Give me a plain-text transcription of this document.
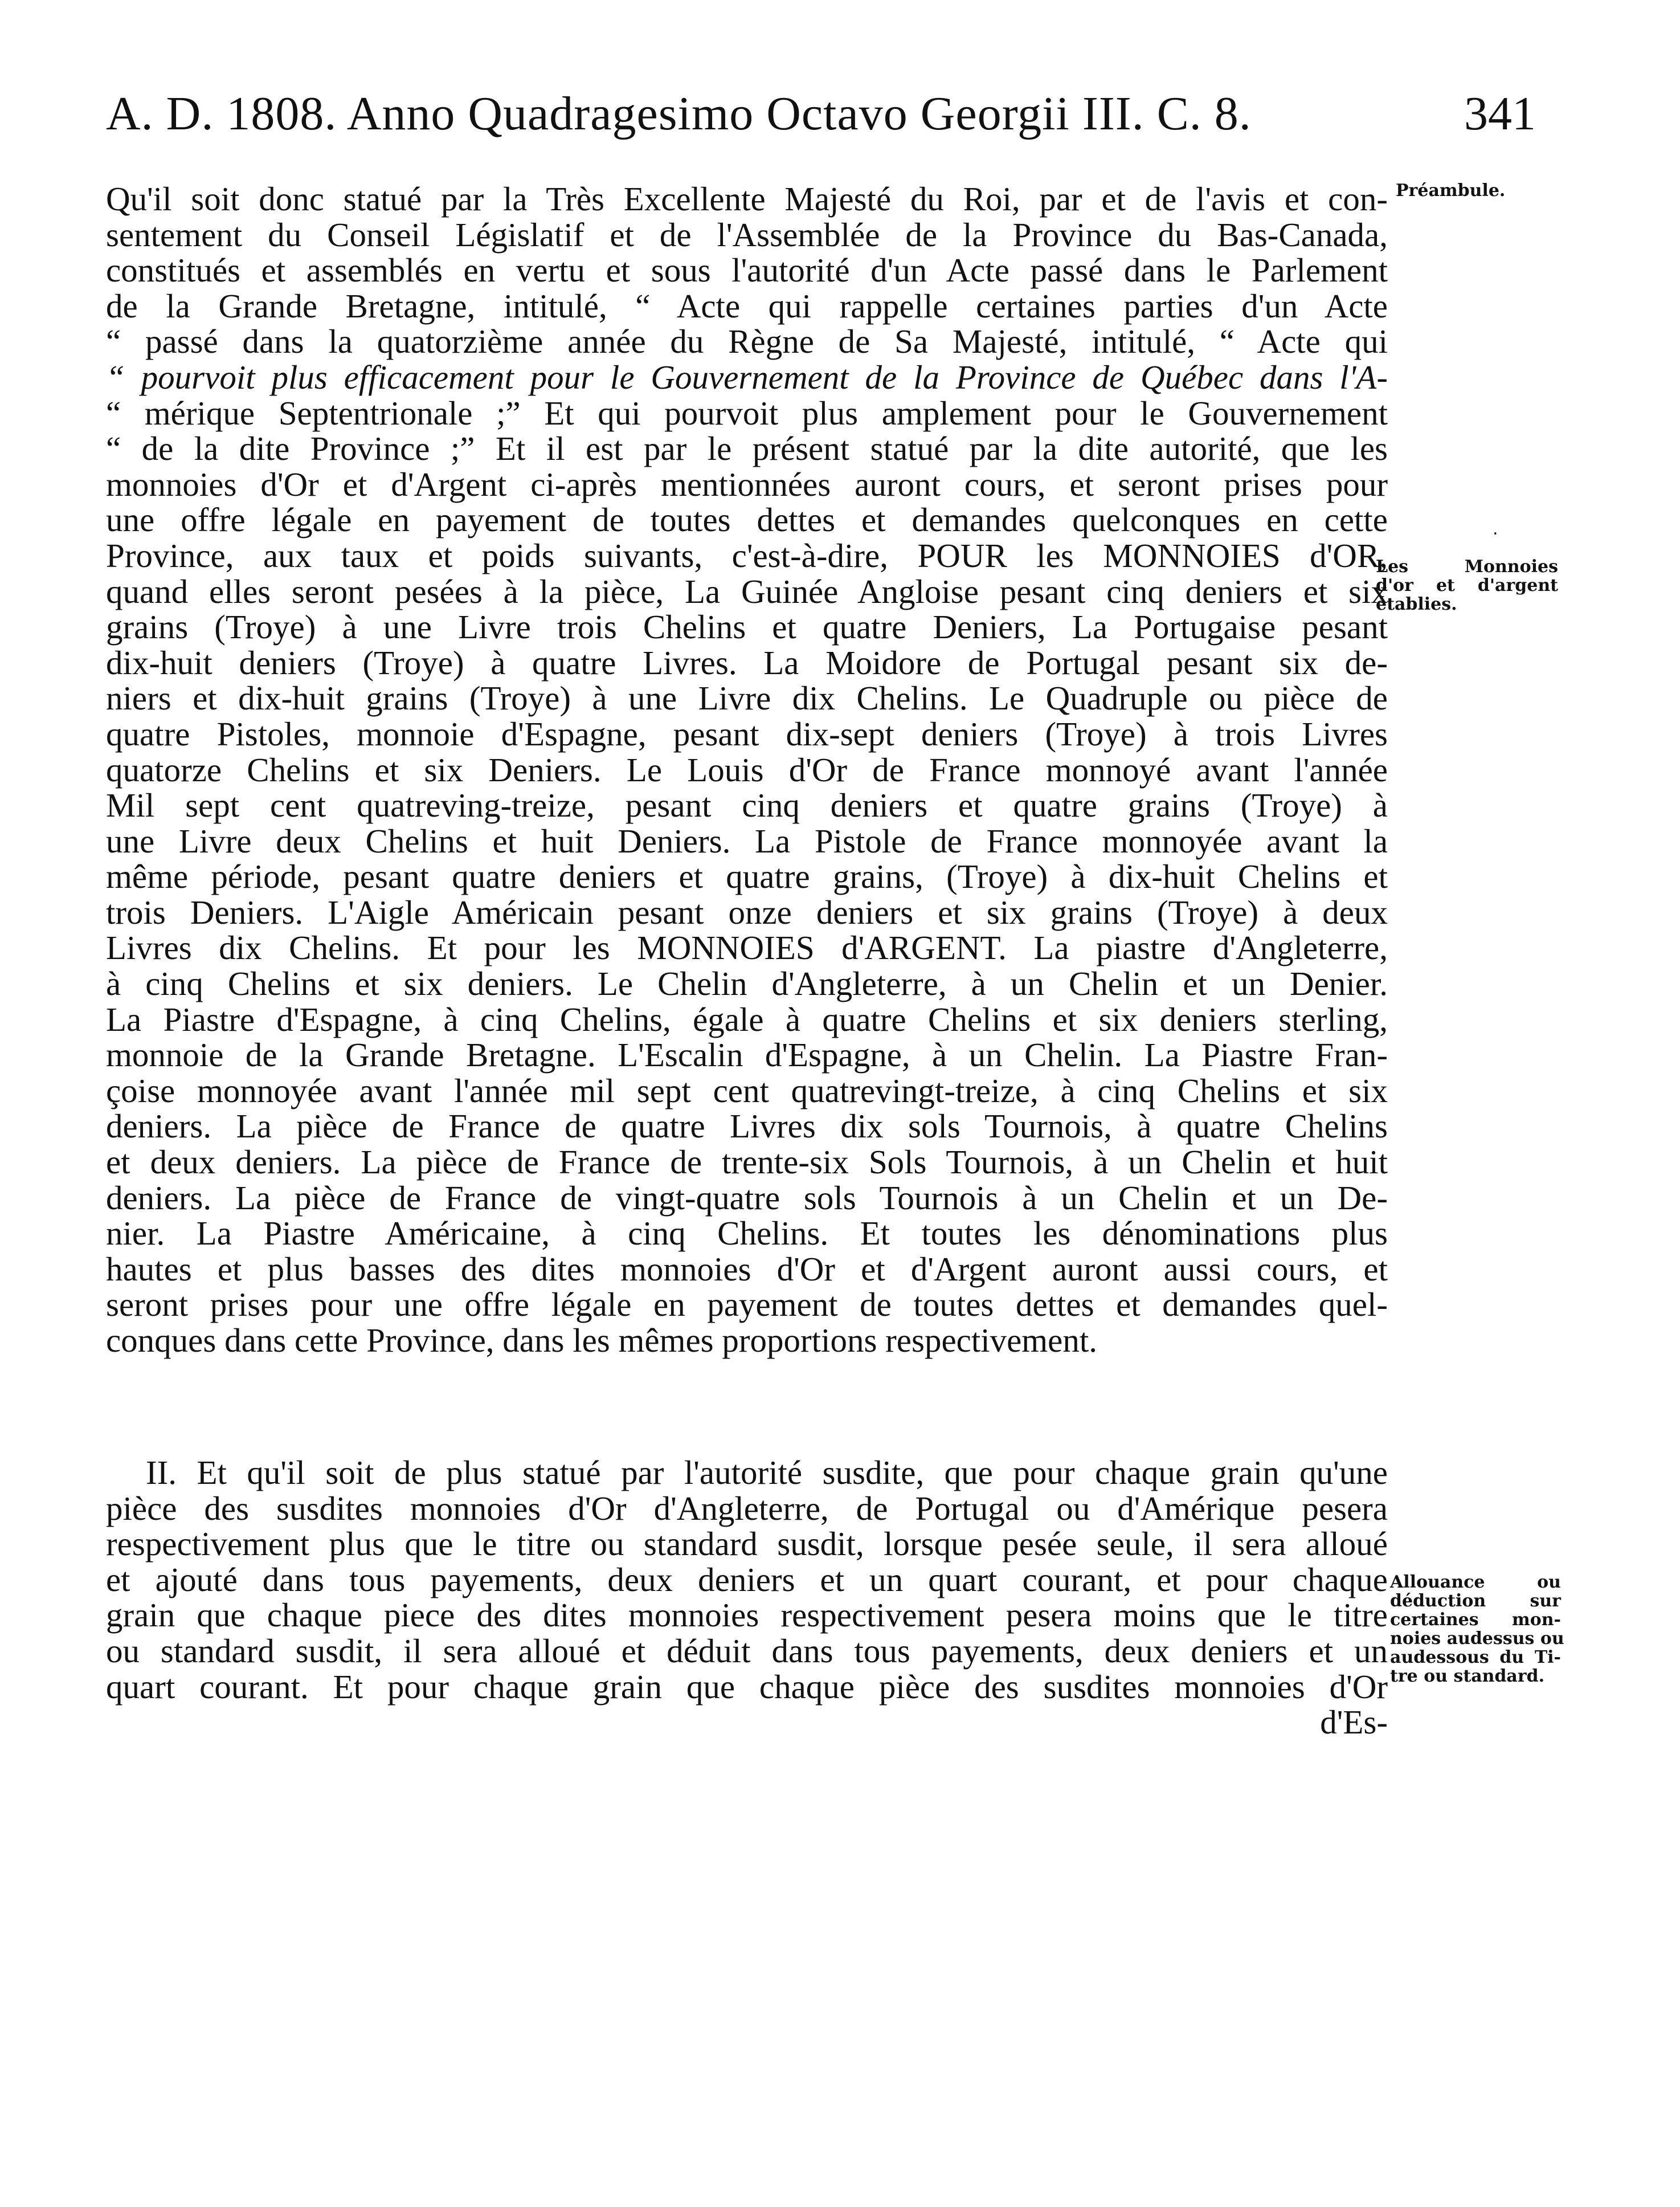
A. D. 1808. Anno Quadragesimo Octavo Georgii III. C. 8.	341
Préambule.
‧
Les Monnoies
d'or et d'argent
établies.
Allouance ou
déduction sur
certaines mon-
noies audessus ou
audessous du Ti-
tre ou standard.
Qu'il soit donc statué par la Très Excellente Majesté du Roi, par et de l'avis et con-
sentement du Conseil Législatif et de l'Assemblée de la Province du Bas-Canada,
constitués et assemblés en vertu et sous l'autorité d'un Acte passé dans le Parlement
de la Grande Bretagne, intitulé, “ Acte qui rappelle certaines parties d'un Acte
“ passé dans la quatorzième année du Règne de Sa Majesté, intitulé, “ Acte qui
“ pourvoit plus efficacement pour le Gouvernement de la Province de Québec dans l'A-
“ mérique Septentrionale ;” Et qui pourvoit plus amplement pour le Gouvernement
“ de la dite Province ;” Et il est par le présent statué par la dite autorité, que les
monnoies d'Or et d'Argent ci-après mentionnées auront cours, et seront prises pour
une offre légale en payement de toutes dettes et demandes quelconques en cette
Province, aux taux et poids suivants, c'est-à-dire, POUR les MONNOIES d'OR,
quand elles seront pesées à la pièce, La Guinée Angloise pesant cinq deniers et six
grains (Troye) à une Livre trois Chelins et quatre Deniers, La Portugaise pesant
dix-huit deniers (Troye) à quatre Livres. La Moidore de Portugal pesant six de-
niers et dix-huit grains (Troye) à une Livre dix Chelins. Le Quadruple ou pièce de
quatre Pistoles, monnoie d'Espagne, pesant dix-sept deniers (Troye) à trois Livres
quatorze Chelins et six Deniers. Le Louis d'Or de France monnoyé avant l'année
Mil sept cent quatreving-treize, pesant cinq deniers et quatre grains (Troye) à
une Livre deux Chelins et huit Deniers. La Pistole de France monnoyée avant la
même période, pesant quatre deniers et quatre grains, (Troye) à dix-huit Chelins et
trois Deniers. L'Aigle Américain pesant onze deniers et six grains (Troye) à deux
Livres dix Chelins. Et pour les MONNOIES d'ARGENT. La piastre d'Angleterre,
à cinq Chelins et six deniers. Le Chelin d'Angleterre, à un Chelin et un Denier.
La Piastre d'Espagne, à cinq Chelins, égale à quatre Chelins et six deniers sterling,
monnoie de la Grande Bretagne. L'Escalin d'Espagne, à un Chelin. La Piastre Fran-
çoise monnoyée avant l'année mil sept cent quatrevingt-treize, à cinq Chelins et six
deniers. La pièce de France de quatre Livres dix sols Tournois, à quatre Chelins
et deux deniers. La pièce de France de trente-six Sols Tournois, à un Chelin et huit
deniers. La pièce de France de vingt-quatre sols Tournois à un Chelin et un De-
nier. La Piastre Américaine, à cinq Chelins. Et toutes les dénominations plus
hautes et plus basses des dites monnoies d'Or et d'Argent auront aussi cours, et
seront prises pour une offre légale en payement de toutes dettes et demandes quel-
conques dans cette Province, dans les mêmes proportions respectivement.
II. Et qu'il soit de plus statué par l'autorité susdite, que pour chaque grain qu'une
pièce des susdites monnoies d'Or d'Angleterre, de Portugal ou d'Amérique pesera
respectivement plus que le titre ou standard susdit, lorsque pesée seule, il sera alloué
et ajouté dans tous payements, deux deniers et un quart courant, et pour chaque
grain que chaque piece des dites monnoies respectivement pesera moins que le titre
ou standard susdit, il sera alloué et déduit dans tous payements, deux deniers et un
quart courant. Et pour chaque grain que chaque pièce des susdites monnoies d'Or
d'Es-
